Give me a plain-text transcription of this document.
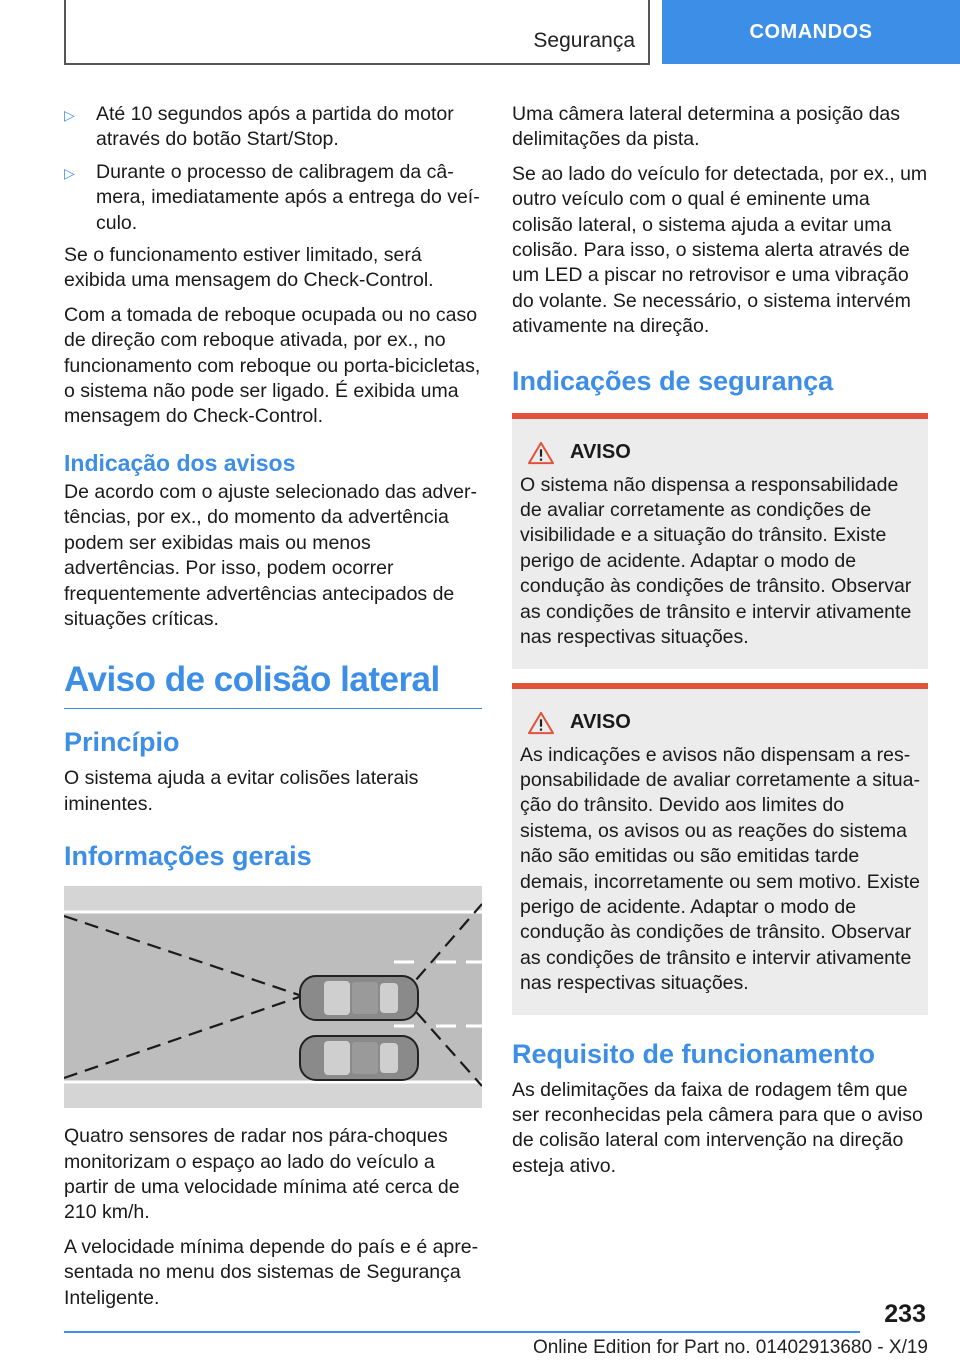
Segurança	COMANDOS
▷ Até 10 segundos após a partida do motor através do botão Start/Stop.
▷ Durante o processo de calibragem da câmera, imediatamente após a entrega do veículo.

Se o funcionamento estiver limitado, será exibida uma mensagem do Check-Control.

Com a tomada de reboque ocupada ou no caso de direção com reboque ativada, por ex., no funcionamento com reboque ou porta-bicicletas, o sistema não pode ser ligado. É exibida uma mensagem do Check-Control.

Indicação dos avisos

De acordo com o ajuste selecionado das advertências, por ex., do momento da advertência podem ser exibidas mais ou menos advertências. Por isso, podem ocorrer frequentemente advertências antecipados de situações críticas.

Aviso de colisão lateral
Princípio

O sistema ajuda a evitar colisões laterais iminentes.

Informações gerais

Quatro sensores de radar nos pára-choques monitorizam o espaço ao lado do veículo a partir de uma velocidade mínima até cerca de 210 km/h.

A velocidade mínima depende do país e é apresentada no menu dos sistemas de Segurança Inteligente.

Uma câmera lateral determina a posição das delimitações da pista.

Se ao lado do veículo for detectada, por ex., um outro veículo com o qual é eminente uma colisão lateral, o sistema ajuda a evitar uma colisão. Para isso, o sistema alerta através de um LED a piscar no retrovisor e uma vibração do volante. Se necessário, o sistema intervém ativamente na direção.

Indicações de segurança
AVISO

O sistema não dispensa a responsabilidade de avaliar corretamente as condições de visibilidade e a situação do trânsito. Existe perigo de acidente. Adaptar o modo de condução às condições de trânsito. Observar as condições de trânsito e intervir ativamente nas respectivas situações.

AVISO

As indicações e avisos não dispensam a responsabilidade de avaliar corretamente a situação do trânsito. Devido aos limites do sistema, os avisos ou as reações do sistema não são emitidas ou são emitidas tarde demais, incorretamente ou sem motivo. Existe perigo de acidente. Adaptar o modo de condução às condições de trânsito. Observar as condições de trânsito e intervir ativamente nas respectivas situações.

Requisito de funcionamento

As delimitações da faixa de rodagem têm que ser reconhecidas pela câmera para que o aviso de colisão lateral com intervenção na direção esteja ativo.

233
Online Edition for Part no. 01402913680 - X/19
